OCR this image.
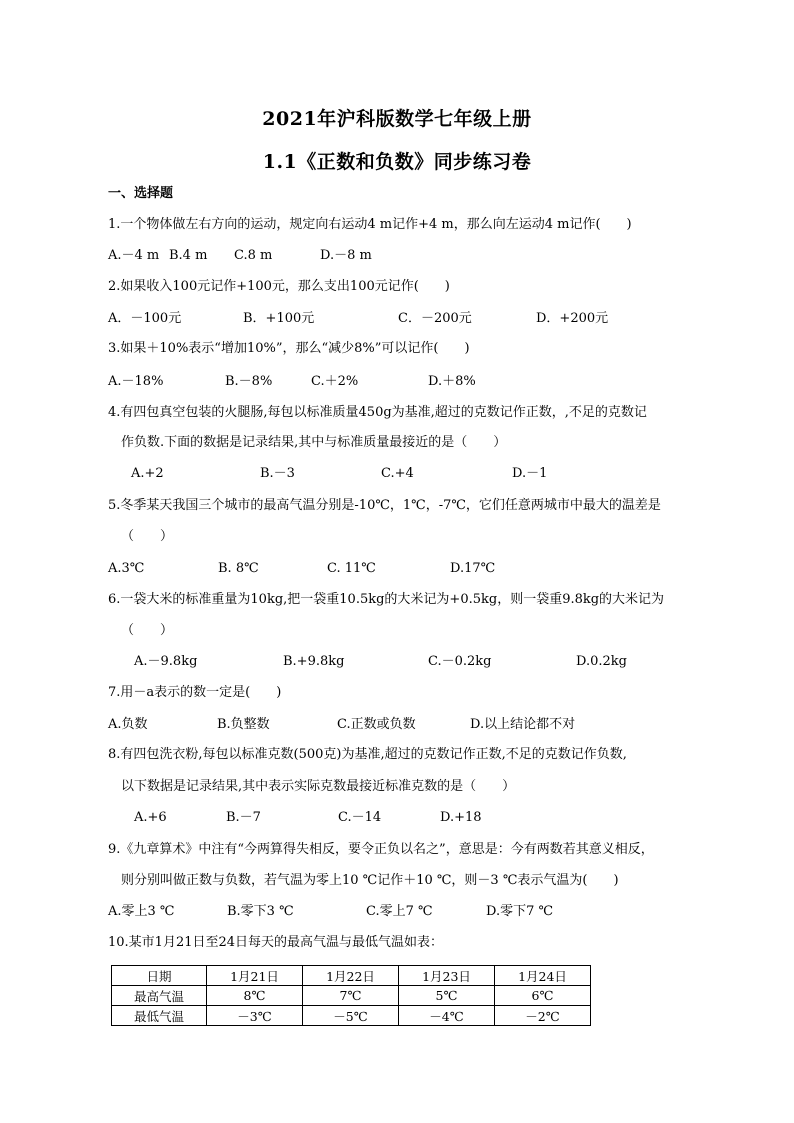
2021年沪科版数学七年级上册
1.1《正数和负数》同步练习卷
一、选择题
1.一个物体做左右方向的运动，规定向右运动4 m记作+4 m，那么向左运动4 m记作(　　)
A.－4 m B.4 m C.8 m	D.－8 m
2.如果收入100元记作+100元，那么支出100元记作(　　)
A．－100元	B．+100元	C．－200元	D．+200元
3.如果＋10%表示“增加10%”，那么“减少8%”可以记作(　　)
A.－18%	B.－8%	C.＋2%	D.＋8%
4.有四包真空包装的火腿肠,每包以标准质量450g为基准,超过的克数记作正数，,不足的克数记
作负数.下面的数据是记录结果,其中与标准质量最接近的是（　　）
A.+2	B.－3	C.+4	D.－1
5.冬季某天我国三个城市的最高气温分别是-10℃，1℃，-7℃，它们任意两城市中最大的温差是
（　　）
A.3℃	B. 8℃	C. 11℃	D.17℃
6.一袋大米的标准重量为10kg,把一袋重10.5kg的大米记为+0.5kg，则一袋重9.8kg的大米记为
（　　）
A.－9.8kg	B.+9.8kg	C.－0.2kg	D.0.2kg
7.用－a表示的数一定是(　　)
A.负数	B.负整数	C.正数或负数	D.以上结论都不对
8.有四包洗衣粉,每包以标准克数(500克)为基准,超过的克数记作正数,不足的克数记作负数,
以下数据是记录结果,其中表示实际克数最接近标准克数的是（　　）
A.+6	B.－7	C.－14	D.+18
9.《九章算术》中注有“今两算得失相反，要令正负以名之”，意思是：今有两数若其意义相反，
则分别叫做正数与负数，若气温为零上10 ℃记作＋10 ℃，则－3 ℃表示气温为(　　)
A.零上3 ℃	B.零下3 ℃	C.零上7 ℃	D.零下7 ℃
10.某市1月21日至24日每天的最高气温与最低气温如表：
日期	1月21日	1月22日	1月23日	1月24日
最高气温	8℃	7℃	5℃	6℃
最低气温	－3℃	－5℃	－4℃	－2℃
